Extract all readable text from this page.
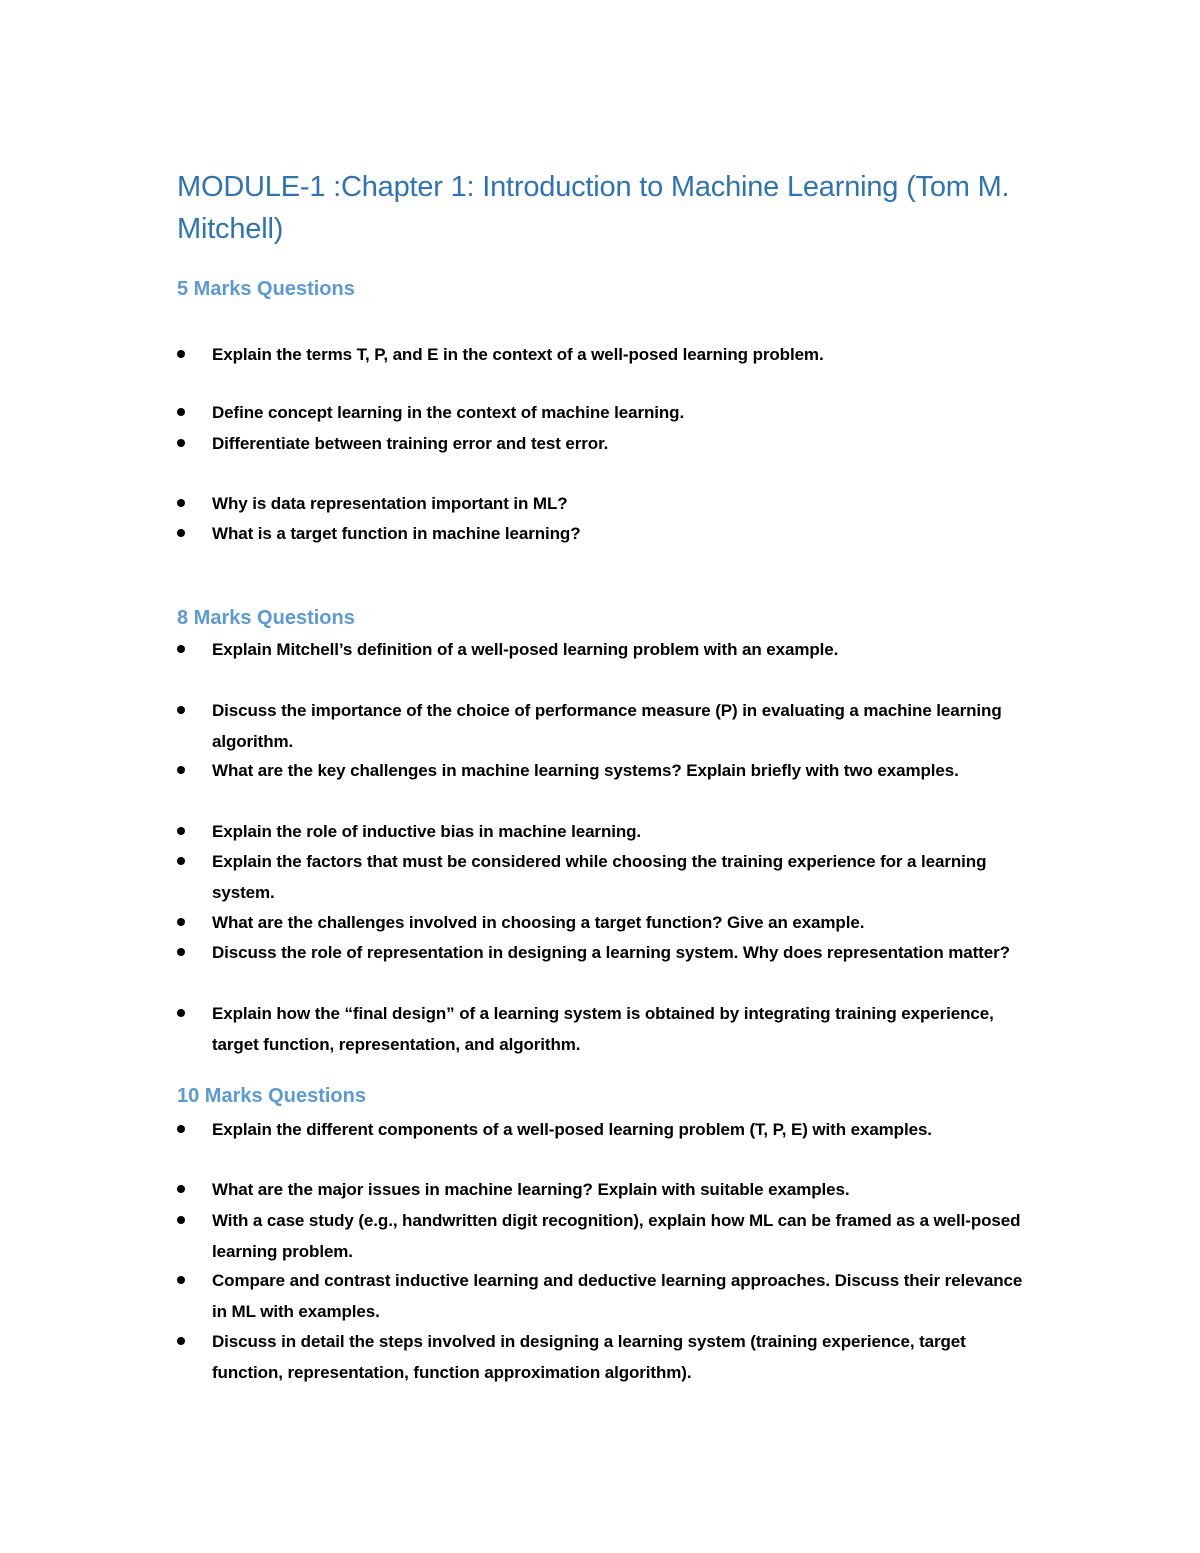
MODULE-1 :Chapter 1: Introduction to Machine Learning (Tom M. Mitchell)
5 Marks Questions
Explain the terms T, P, and E in the context of a well-posed learning problem.
Define concept learning in the context of machine learning.
Differentiate between training error and test error.
Why is data representation important in ML?
What is a target function in machine learning?
8 Marks Questions
Explain Mitchell’s definition of a well-posed learning problem with an example.
Discuss the importance of the choice of performance measure (P) in evaluating a machine learning algorithm.
What are the key challenges in machine learning systems? Explain briefly with two examples.
Explain the role of inductive bias in machine learning.
Explain the factors that must be considered while choosing the training experience for a learning system.
What are the challenges involved in choosing a target function? Give an example.
Discuss the role of representation in designing a learning system. Why does representation matter?
Explain how the “final design” of a learning system is obtained by integrating training experience, target function, representation, and algorithm.
10 Marks Questions
Explain the different components of a well-posed learning problem (T, P, E) with examples.
What are the major issues in machine learning? Explain with suitable examples.
With a case study (e.g., handwritten digit recognition), explain how ML can be framed as a well-posed learning problem.
Compare and contrast inductive learning and deductive learning approaches. Discuss their relevance in ML with examples.
Discuss in detail the steps involved in designing a learning system (training experience, target function, representation, function approximation algorithm).
